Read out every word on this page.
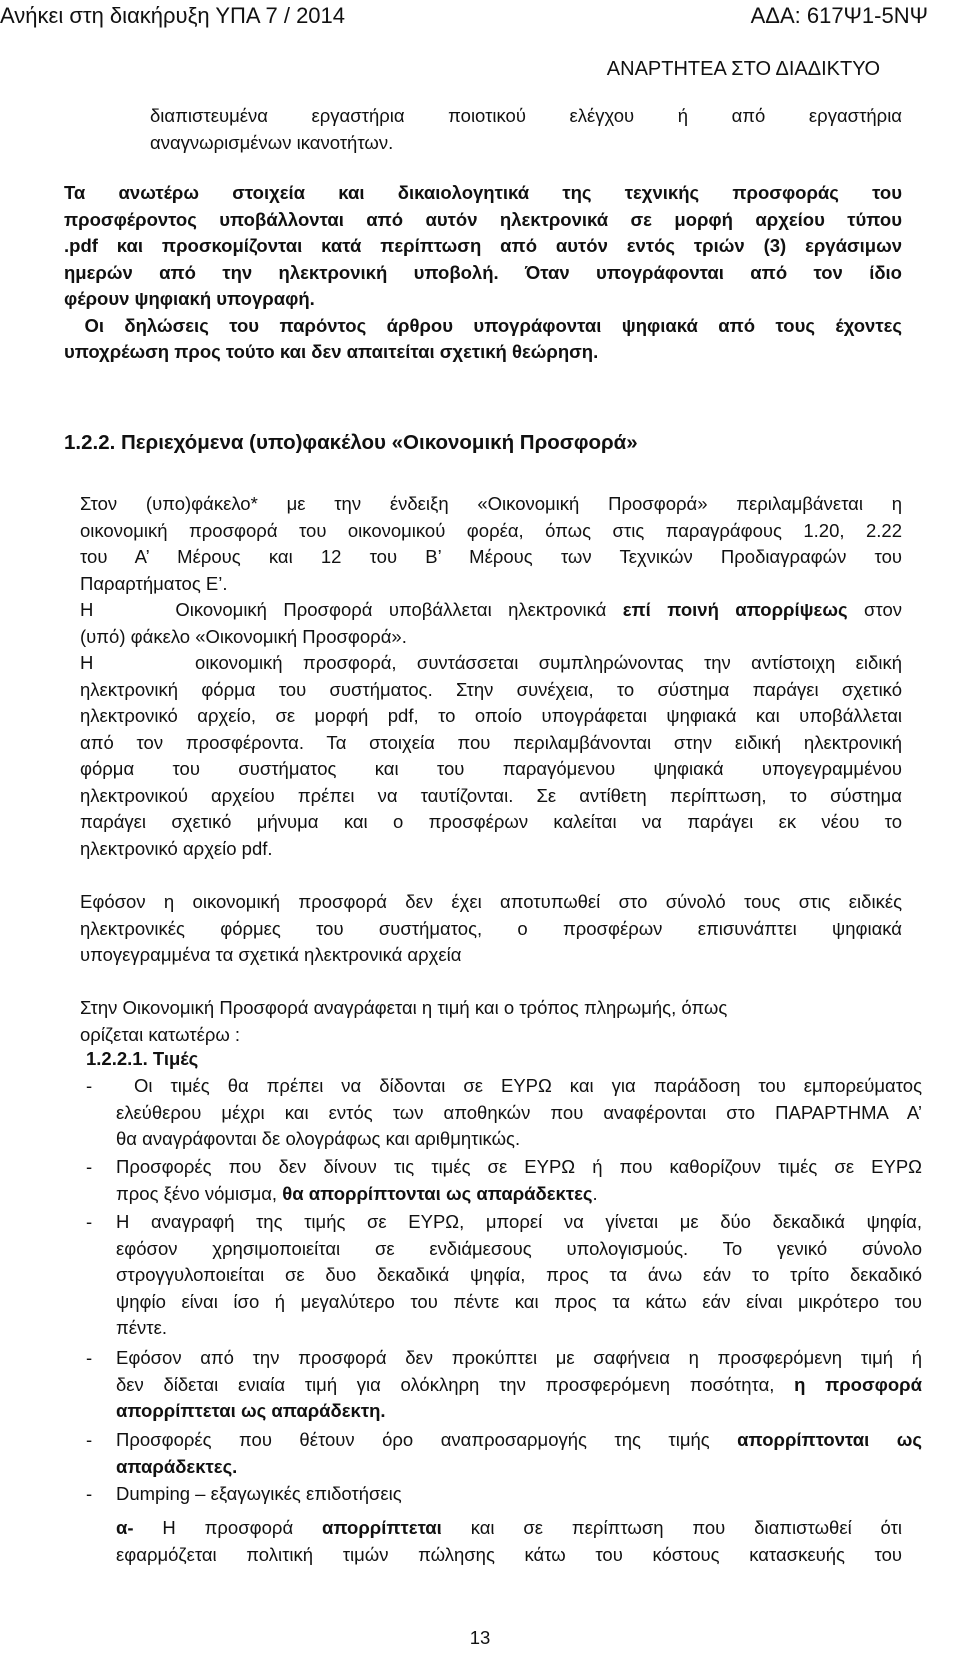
Ανήκει στη διακήρυξη ΥΠΑ 7 / 2014	ΑΔΑ: 617Ψ1-5ΝΨ
ΑΝΑΡΤΗΤΕΑ ΣΤΟ ΔΙΑΔΙΚΤΥΟ

διαπιστευμένα εργαστήρια ποιοτικού ελέγχου ή από εργαστήρια

αναγνωρισμένων ικανοτήτων.

Τα ανωτέρω στοιχεία και δικαιολογητικά της τεχνικής προσφοράς του

προσφέροντος υποβάλλονται από αυτόν ηλεκτρονικά σε μορφή αρχείου τύπου

.pdf και προσκομίζονται κατά περίπτωση από αυτόν εντός τριών (3) εργάσιμων

ημερών από την ηλεκτρονική υποβολή. Όταν υπογράφονται από τον ίδιο

φέρουν ψηφιακή υπογραφή.

Οι δηλώσεις του παρόντος άρθρου υπογράφονται ψηφιακά από τους έχοντες

υποχρέωση προς τούτο και δεν απαιτείται σχετική θεώρηση.

1.2.2. Περιεχόμενα (υπο)φακέλου «Οικονομική Προσφορά»

Στον (υπο)φάκελο* με την ένδειξη «Οικονομική Προσφορά» περιλαμβάνεται η

οικονομική προσφορά του οικονομικού φορέα, όπως στις παραγράφους 1.20, 2.22

του Α’ Μέρους και 12 του Β’ Μέρους των Τεχνικών Προδιαγραφών του

Παραρτήματος Ε’.

Η     Οικονομική Προσφορά υποβάλλεται ηλεκτρονικά επί ποινή απορρίψεως στον

(υπό) φάκελο «Οικονομική Προσφορά».

Η     οικονομική προσφορά, συντάσσεται συμπληρώνοντας την αντίστοιχη ειδική

ηλεκτρονική φόρμα του συστήματος. Στην συνέχεια, το σύστημα παράγει σχετικό

ηλεκτρονικό αρχείο, σε μορφή pdf, το οποίο υπογράφεται ψηφιακά και υποβάλλεται

από τον προσφέροντα. Τα στοιχεία που περιλαμβάνονται στην ειδική ηλεκτρονική

φόρμα του συστήματος και του παραγόμενου ψηφιακά υπογεγραμμένου

ηλεκτρονικού αρχείου πρέπει να ταυτίζονται. Σε αντίθετη περίπτωση, το σύστημα

παράγει σχετικό μήνυμα και ο προσφέρων καλείται να παράγει εκ νέου το

ηλεκτρονικό αρχείο pdf.

Εφόσον η οικονομική προσφορά δεν έχει αποτυπωθεί στο σύνολό τους στις ειδικές

ηλεκτρονικές φόρμες του συστήματος, ο προσφέρων επισυνάπτει ψηφιακά

υπογεγραμμένα τα σχετικά ηλεκτρονικά αρχεία

Στην Οικονομική Προσφορά αναγράφεται η τιμή και ο τρόπος πληρωμής, όπως

ορίζεται κατωτέρω :

1.2.2.1. Τιμές
- Οι τιμές θα πρέπει να δίδονται σε ΕΥΡΩ και για παράδοση του εμπορεύματος

ελεύθερου μέχρι και εντός των αποθηκών που αναφέρονται στο ΠΑΡΑΡΤΗΜΑ Α’

θα αναγράφονται δε ολογράφως και αριθμητικώς.

- Προσφορές που δεν δίνουν τις τιμές σε ΕΥΡΩ ή που καθορίζουν τιμές σε ΕΥΡΩ

προς ξένο νόμισμα, θα απορρίπτονται ως απαράδεκτες.

- Η αναγραφή της τιμής σε ΕΥΡΩ, μπορεί να γίνεται με δύο δεκαδικά ψηφία,

εφόσον χρησιμοποιείται σε ενδιάμεσους υπολογισμούς. Το γενικό σύνολο

στρογγυλοποιείται σε δυο δεκαδικά ψηφία, προς τα άνω εάν το τρίτο δεκαδικό

ψηφίο είναι ίσο ή μεγαλύτερο του πέντε και προς τα κάτω εάν είναι μικρότερο του

πέντε.

- Εφόσον από την προσφορά δεν προκύπτει με σαφήνεια η προσφερόμενη τιμή ή

δεν δίδεται ενιαία τιμή για ολόκληρη την προσφερόμενη ποσότητα, η προσφορά

απορρίπτεται ως απαράδεκτη.

- Προσφορές που θέτουν όρο αναπροσαρμογής της τιμής απορρίπτονται ως

απαράδεκτες.

- Dumping – εξαγωγικές επιδοτήσεις

α- Η προσφορά απορρίπτεται και σε περίπτωση που διαπιστωθεί ότι

εφαρμόζεται πολιτική τιμών πώλησης κάτω του κόστους κατασκευής του

13
